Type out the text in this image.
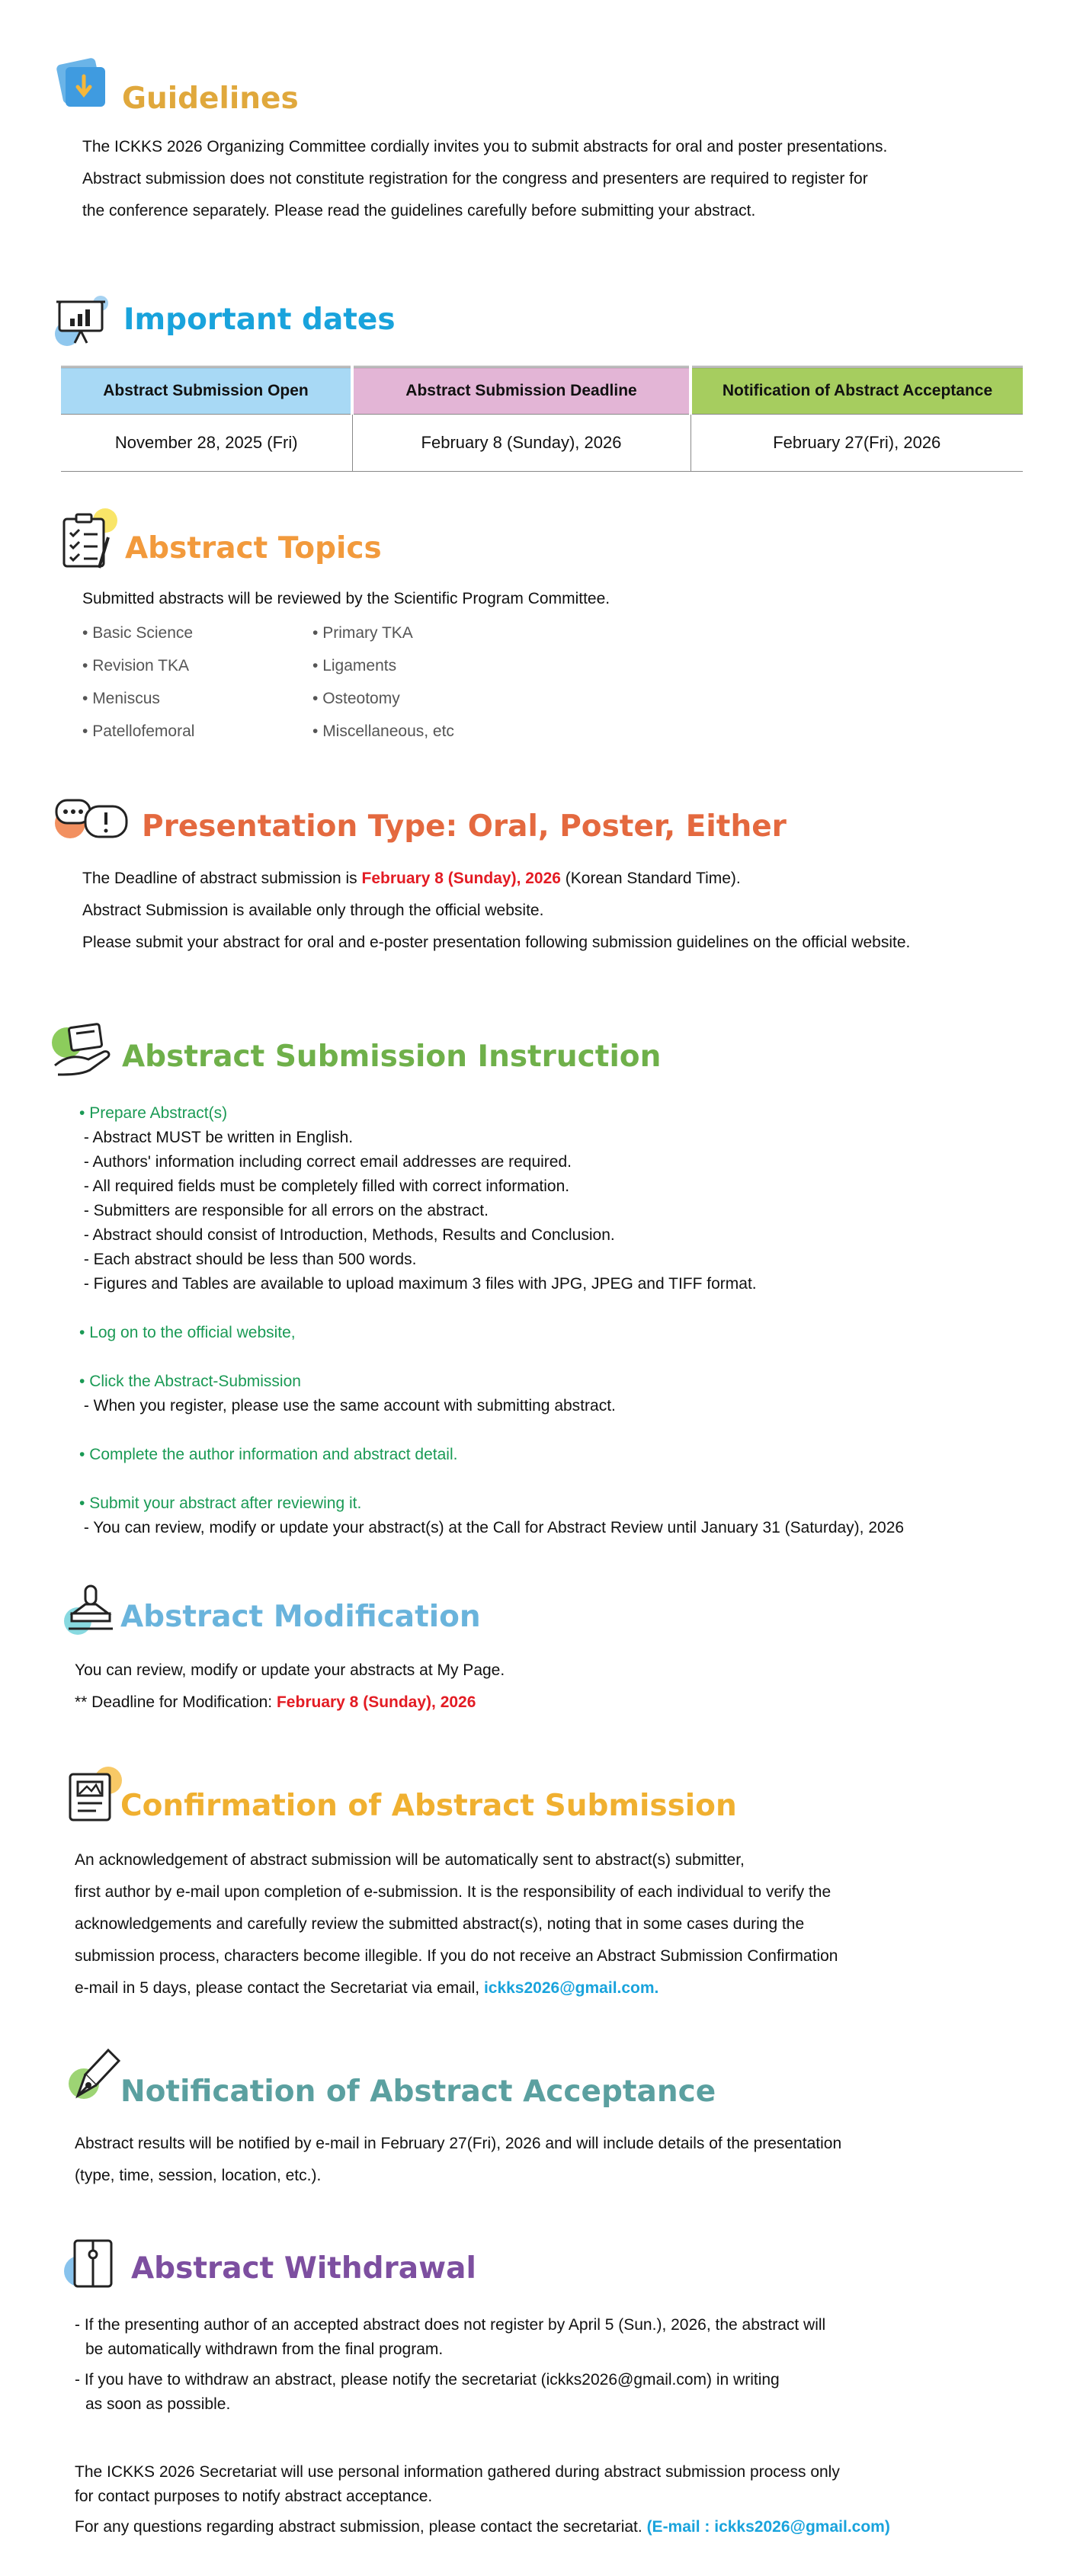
Guidelines
The ICKKS 2026 Organizing Committee cordially invites you to submit abstracts for oral and poster presentations.
Abstract submission does not constitute registration for the congress and presenters are required to register for
the conference separately. Please read the guidelines carefully before submitting your abstract.
Important dates
Abstract Submission Open	Abstract Submission Deadline	Notification of Abstract Acceptance
November 28, 2025 (Fri)	February 8 (Sunday), 2026	February 27(Fri), 2026
Abstract Topics
Submitted abstracts will be reviewed by the Scientific Program Committee.
• Basic Science
• Revision TKA
• Meniscus
• Patellofemoral
• Primary TKA
• Ligaments
• Osteotomy
• Miscellaneous, etc
Presentation Type: Oral, Poster, Either
The Deadline of abstract submission is February 8 (Sunday), 2026 (Korean Standard Time).
Abstract Submission is available only through the official website.
Please submit your abstract for oral and e-poster presentation following submission guidelines on the official website.
Abstract Submission Instruction
• Prepare Abstract(s)
- Abstract MUST be written in English.
- Authors' information including correct email addresses are required.
- All required fields must be completely filled with correct information.
- Submitters are responsible for all errors on the abstract.
- Abstract should consist of Introduction, Methods, Results and Conclusion.
- Each abstract should be less than 500 words.
- Figures and Tables are available to upload maximum 3 files with JPG, JPEG and TIFF format.
• Log on to the official website,
• Click the Abstract-Submission
- When you register, please use the same account with submitting abstract.
• Complete the author information and abstract detail.
• Submit your abstract after reviewing it.
- You can review, modify or update your abstract(s) at the Call for Abstract Review until January 31 (Saturday), 2026
Abstract Modification
You can review, modify or update your abstracts at My Page.
** Deadline for Modification: February 8 (Sunday), 2026
Confirmation of Abstract Submission
An acknowledgement of abstract submission will be automatically sent to abstract(s) submitter,
first author by e-mail upon completion of e-submission. It is the responsibility of each individual to verify the
acknowledgements and carefully review the submitted abstract(s), noting that in some cases during the
submission process, characters become illegible. If you do not receive an Abstract Submission Confirmation
e-mail in 5 days, please contact the Secretariat via email, ickks2026@gmail.com.
Notification of Abstract Acceptance
Abstract results will be notified by e-mail in February 27(Fri), 2026 and will include details of the presentation
(type, time, session, location, etc.).
Abstract Withdrawal
- If the presenting author of an accepted abstract does not register by April 5 (Sun.), 2026, the abstract will
be automatically withdrawn from the final program.
- If you have to withdraw an abstract, please notify the secretariat (ickks2026@gmail.com) in writing
as soon as possible.
The ICKKS 2026 Secretariat will use personal information gathered during abstract submission process only
for contact purposes to notify abstract acceptance.
For any questions regarding abstract submission, please contact the secretariat. (E-mail : ickks2026@gmail.com)
